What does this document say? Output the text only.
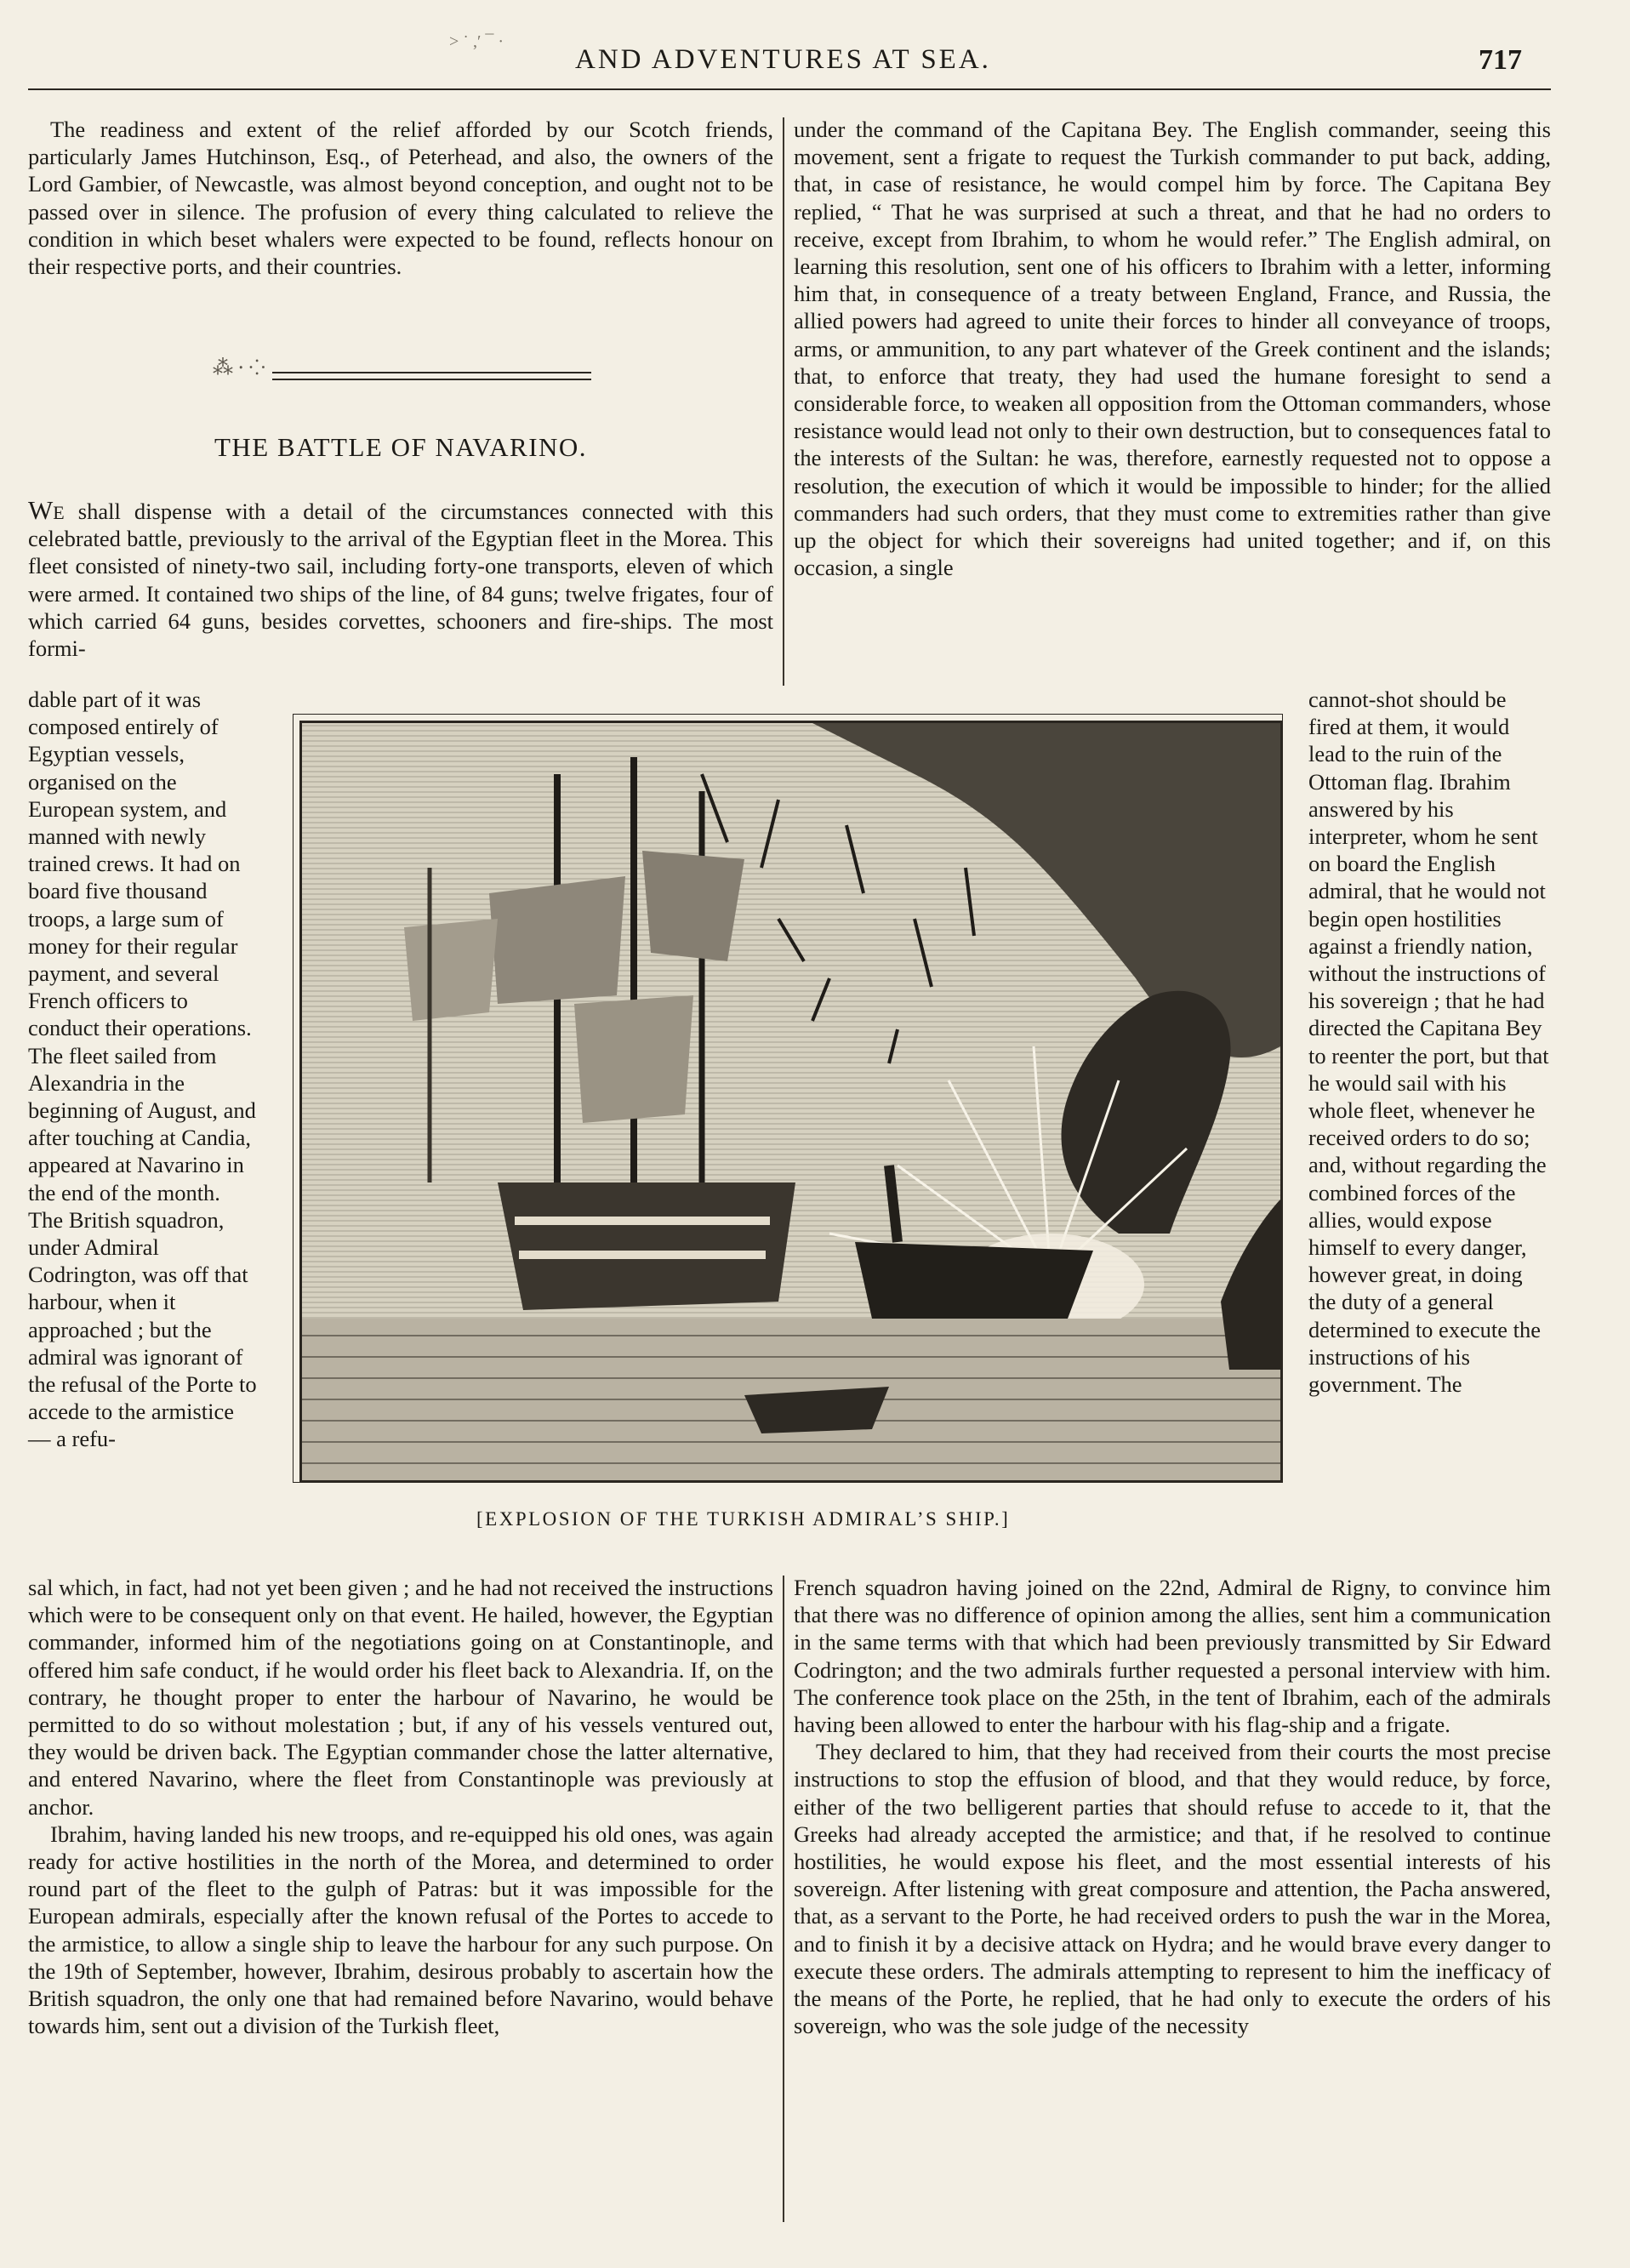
> ˙ ,′ ¯ ·
AND ADVENTURES AT SEA.	717

The readiness and extent of the relief afforded by our Scotch friends, particularly James Hutchinson, Esq., of Peterhead, and also, the owners of the Lord Gambier, of Newcastle, was almost beyond conception, and ought not to be passed over in silence. The profusion of every thing calculated to relieve the condition in which beset whalers were expected to be found, reflects honour on their respective ports, and their countries.

⁂ ⸱ ⁘
THE BATTLE OF NAVARINO.

We shall dispense with a detail of the circumstances connected with this celebrated battle, previously to the arrival of the Egyptian fleet in the Morea. This fleet consisted of ninety-two sail, including forty-one transports, eleven of which were armed. It contained two ships of the line, of 84 guns; twelve frigates, four of which carried 64 guns, besides corvettes, schooners and fire-ships. The most formi-

dable part of it was composed entirely of Egyptian vessels, organised on the European system, and manned with newly trained crews. It had on board five thousand troops, a large sum of money for their regular payment, and several French officers to conduct their operations. The fleet sailed from Alexandria in the beginning of August, and after touching at Candia, appeared at Navarino in the end of the month. The British squadron, under Admiral Codrington, was off that harbour, when it approached ; but the admiral was ignorant of the refusal of the Porte to accede to the armistice — a refu-

under the command of the Capitana Bey. The English commander, seeing this movement, sent a frigate to request the Turkish commander to put back, adding, that, in case of resistance, he would compel him by force. The Capitana Bey replied, “ That he was surprised at such a threat, and that he had no orders to receive, except from Ibrahim, to whom he would refer.” The English admiral, on learning this resolution, sent one of his officers to Ibrahim with a letter, informing him that, in consequence of a treaty between England, France, and Russia, the allied powers had agreed to unite their forces to hinder all conveyance of troops, arms, or ammunition, to any part whatever of the Greek continent and the islands; that, to enforce that treaty, they had used the humane foresight to send a considerable force, to weaken all opposition from the Ottoman commanders, whose resistance would lead not only to their own destruction, but to consequences fatal to the interests of the Sultan: he was, therefore, earnestly requested not to oppose a resolution, the execution of which it would be impossible to hinder; for the allied commanders had such orders, that they must come to extremities rather than give up the object for which their sovereigns had united together; and if, on this occasion, a single

cannot-shot should be fired at them, it would lead to the ruin of the Ottoman flag. Ibrahim answered by his interpreter, whom he sent on board the English admiral, that he would not begin open hostilities against a friendly nation, without the instructions of his sovereign ; that he had directed the Capitana Bey to reenter the port, but that he would sail with his whole fleet, whenever he received orders to do so; and, without regarding the combined forces of the allies, would expose himself to every danger, however great, in doing the duty of a general determined to execute the instructions of his government. The

[EXPLOSION OF THE TURKISH ADMIRAL’S SHIP.]

sal which, in fact, had not yet been given ; and he had not received the instructions which were to be consequent only on that event. He hailed, however, the Egyptian commander, informed him of the negotiations going on at Constantinople, and offered him safe conduct, if he would order his fleet back to Alexandria. If, on the contrary, he thought proper to enter the harbour of Navarino, he would be permitted to do so without molestation ; but, if any of his vessels ventured out, they would be driven back. The Egyptian commander chose the latter alternative, and entered Navarino, where the fleet from Constantinople was previously at anchor.

Ibrahim, having landed his new troops, and re-equipped his old ones, was again ready for active hostilities in the north of the Morea, and determined to order round part of the fleet to the gulph of Patras: but it was impossible for the European admirals, especially after the known refusal of the Portes to accede to the armistice, to allow a single ship to leave the harbour for any such purpose. On the 19th of September, however, Ibrahim, desirous probably to ascertain how the British squadron, the only one that had remained before Navarino, would behave towards him, sent out a division of the Turkish fleet,

French squadron having joined on the 22nd, Admiral de Rigny, to convince him that there was no difference of opinion among the allies, sent him a communication in the same terms with that which had been previously transmitted by Sir Edward Codrington; and the two admirals further requested a personal interview with him. The conference took place on the 25th, in the tent of Ibrahim, each of the admirals having been allowed to enter the harbour with his flag-ship and a frigate.

They declared to him, that they had received from their courts the most precise instructions to stop the effusion of blood, and that they would reduce, by force, either of the two belligerent parties that should refuse to accede to it, that the Greeks had already accepted the armistice; and that, if he resolved to continue hostilities, he would expose his fleet, and the most essential interests of his sovereign. After listening with great composure and attention, the Pacha answered, that, as a servant to the Porte, he had received orders to push the war in the Morea, and to finish it by a decisive attack on Hydra; and he would brave every danger to execute these orders. The admirals attempting to represent to him the inefficacy of the means of the Porte, he replied, that he had only to execute the orders of his sovereign, who was the sole judge of the necessity
